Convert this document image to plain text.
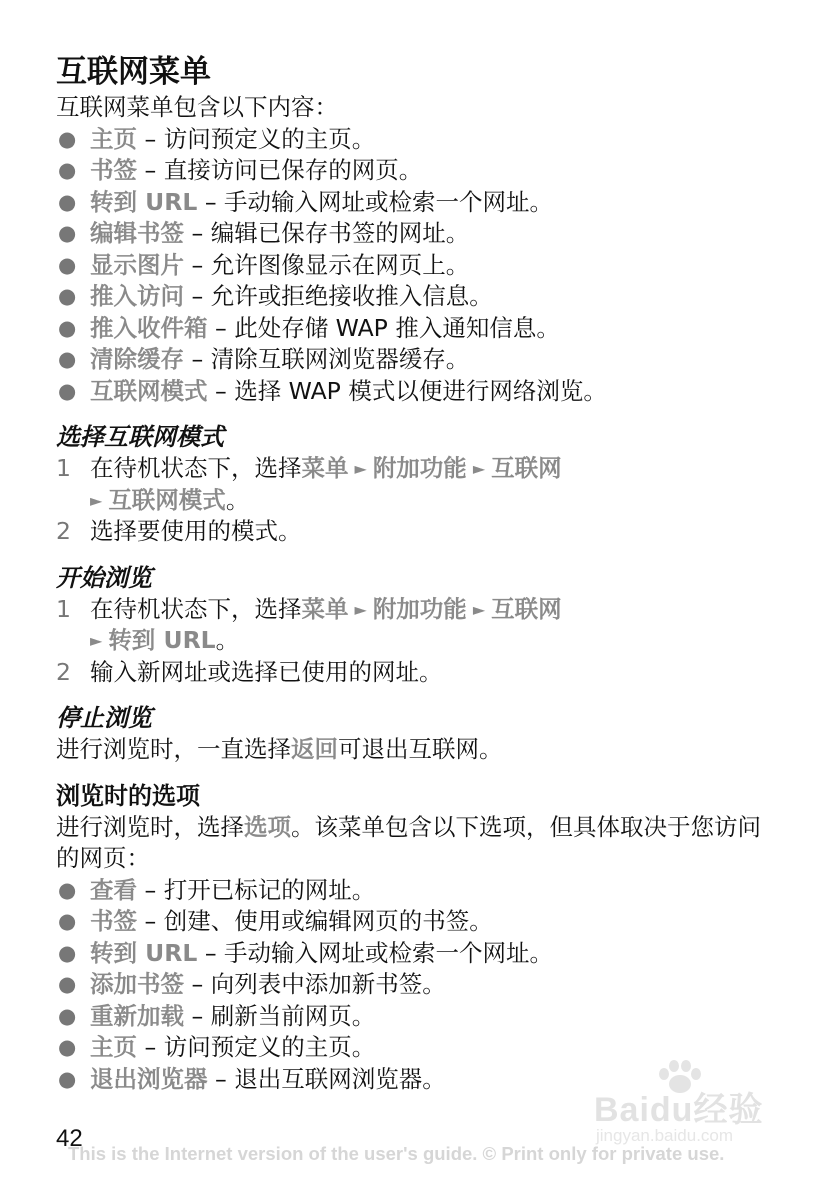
互联网菜单
互联网菜单包含以下内容：
● 主页 – 访问预定义的主页。
● 书签 – 直接访问已保存的网页。
● 转到 URL – 手动输入网址或检索一个网址。
● 编辑书签 – 编辑已保存书签的网址。
● 显示图片 – 允许图像显示在网页上。
● 推入访问 – 允许或拒绝接收推入信息。
● 推入收件箱 – 此处存储 WAP 推入通知信息。
● 清除缓存 – 清除互联网浏览器缓存。
● 互联网模式 – 选择 WAP 模式以便进行网络浏览。
选择互联网模式
1 在待机状态下，选择菜单 ► 附加功能 ► 互联网
► 互联网模式。
2 选择要使用的模式。
开始浏览
1 在待机状态下，选择菜单 ► 附加功能 ► 互联网
► 转到 URL。
2 输入新网址或选择已使用的网址。
停止浏览
进行浏览时，一直选择返回可退出互联网。
浏览时的选项
进行浏览时，选择选项。该菜单包含以下选项，但具体取决于您访问的网页：
● 查看 – 打开已标记的网址。
● 书签 – 创建、使用或编辑网页的书签。
● 转到 URL – 手动输入网址或检索一个网址。
● 添加书签 – 向列表中添加新书签。
● 重新加载 – 刷新当前网页。
● 主页 – 访问预定义的主页。
● 退出浏览器 – 退出互联网浏览器。
42
This is the Internet version of the user's guide. © Print only for private use.
Baidu经验
jingyan.baidu.com
